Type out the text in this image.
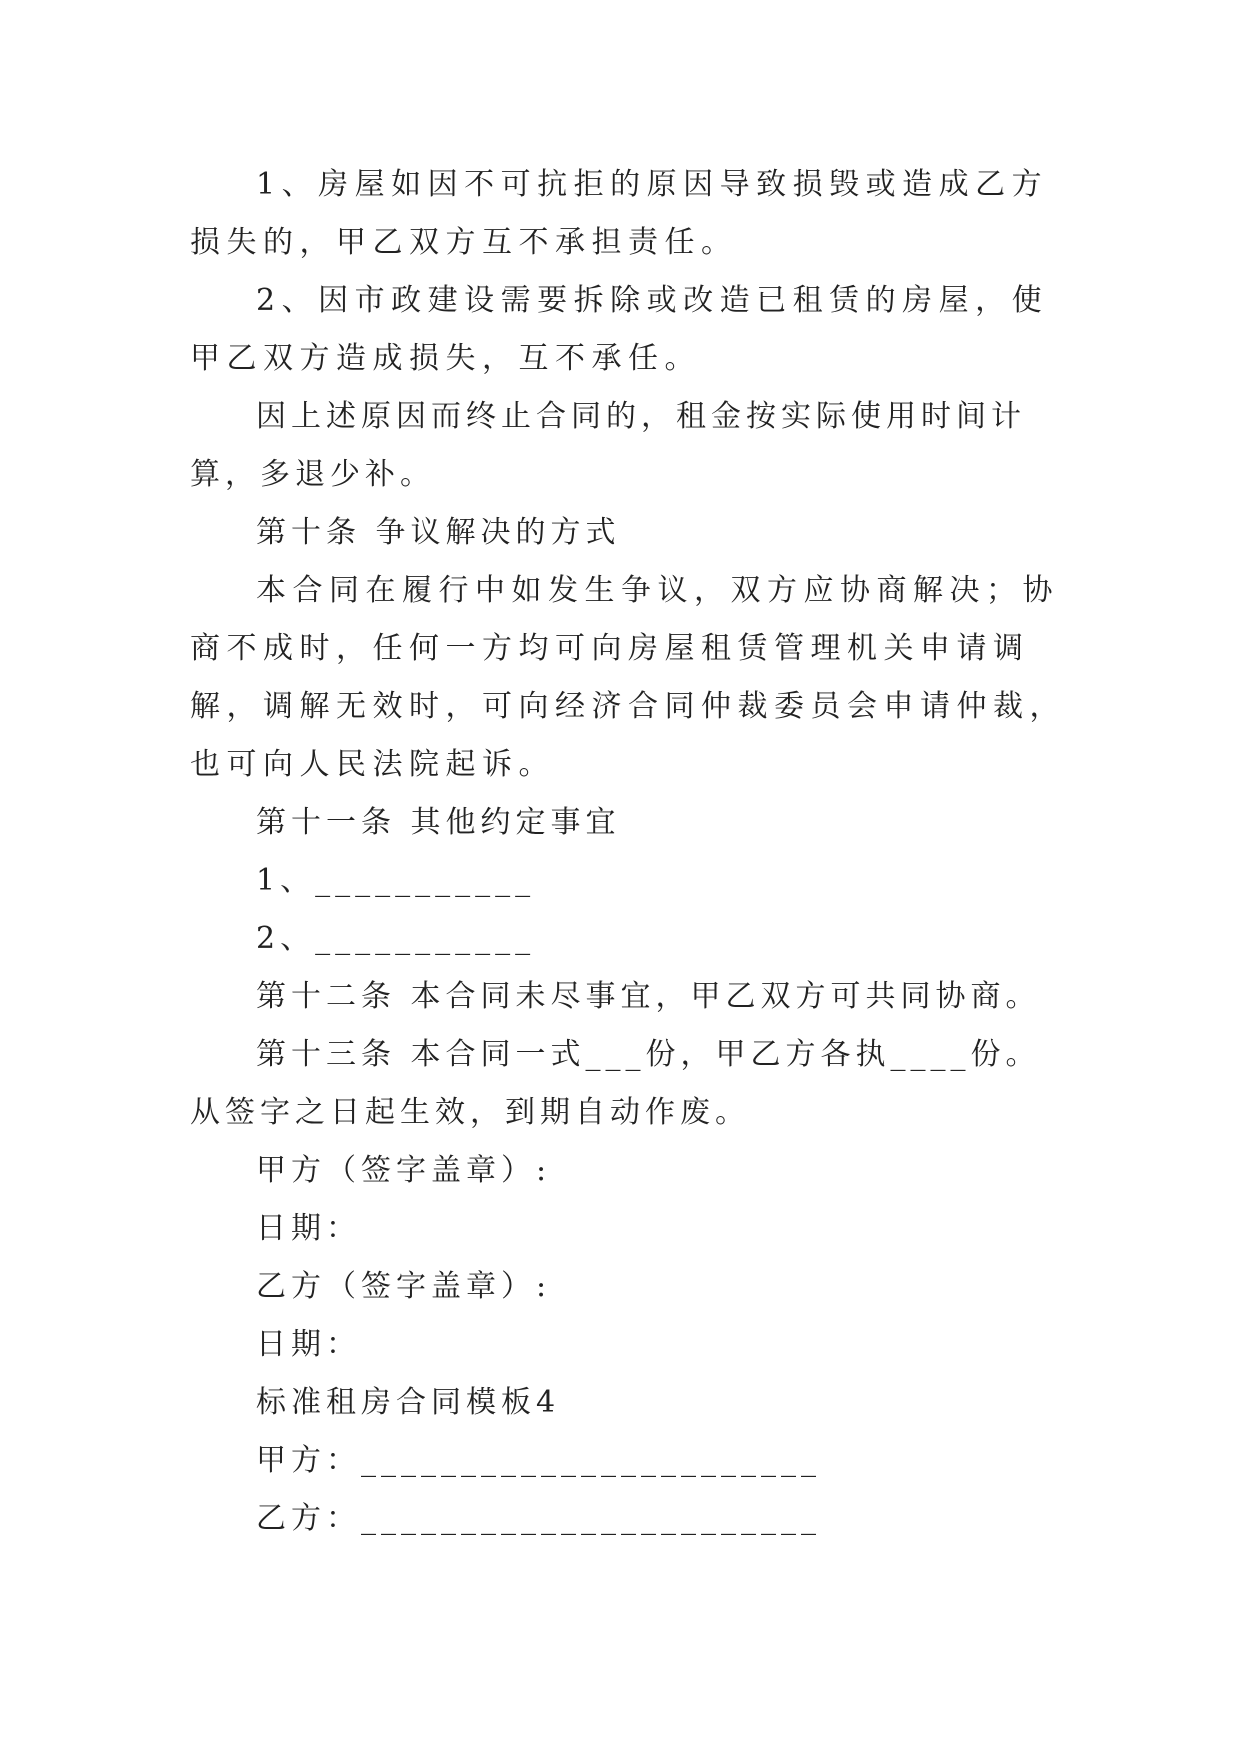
1、房屋如因不可抗拒的原因导致损毁或造成乙方损失的，甲乙双方互不承担责任。

2、因市政建设需要拆除或改造已租赁的房屋，使甲乙双方造成损失，互不承任。

因上述原因而终止合同的，租金按实际使用时间计算，多退少补。

第十条 争议解决的方式

本合同在履行中如发生争议，双方应协商解决；协商不成时，任何一方均可向房屋租赁管理机关申请调解，调解无效时，可向经济合同仲裁委员会申请仲裁，也可向人民法院起诉。

第十一条 其他约定事宜

1、___________

2、___________

第十二条 本合同未尽事宜，甲乙双方可共同协商。

第十三条 本合同一式___份，甲乙方各执____份。从签字之日起生效，到期自动作废。

甲方（签字盖章）:

日期：

乙方（签字盖章）:

日期：

标准租房合同模板4

甲方：_______________________

乙方：_______________________
